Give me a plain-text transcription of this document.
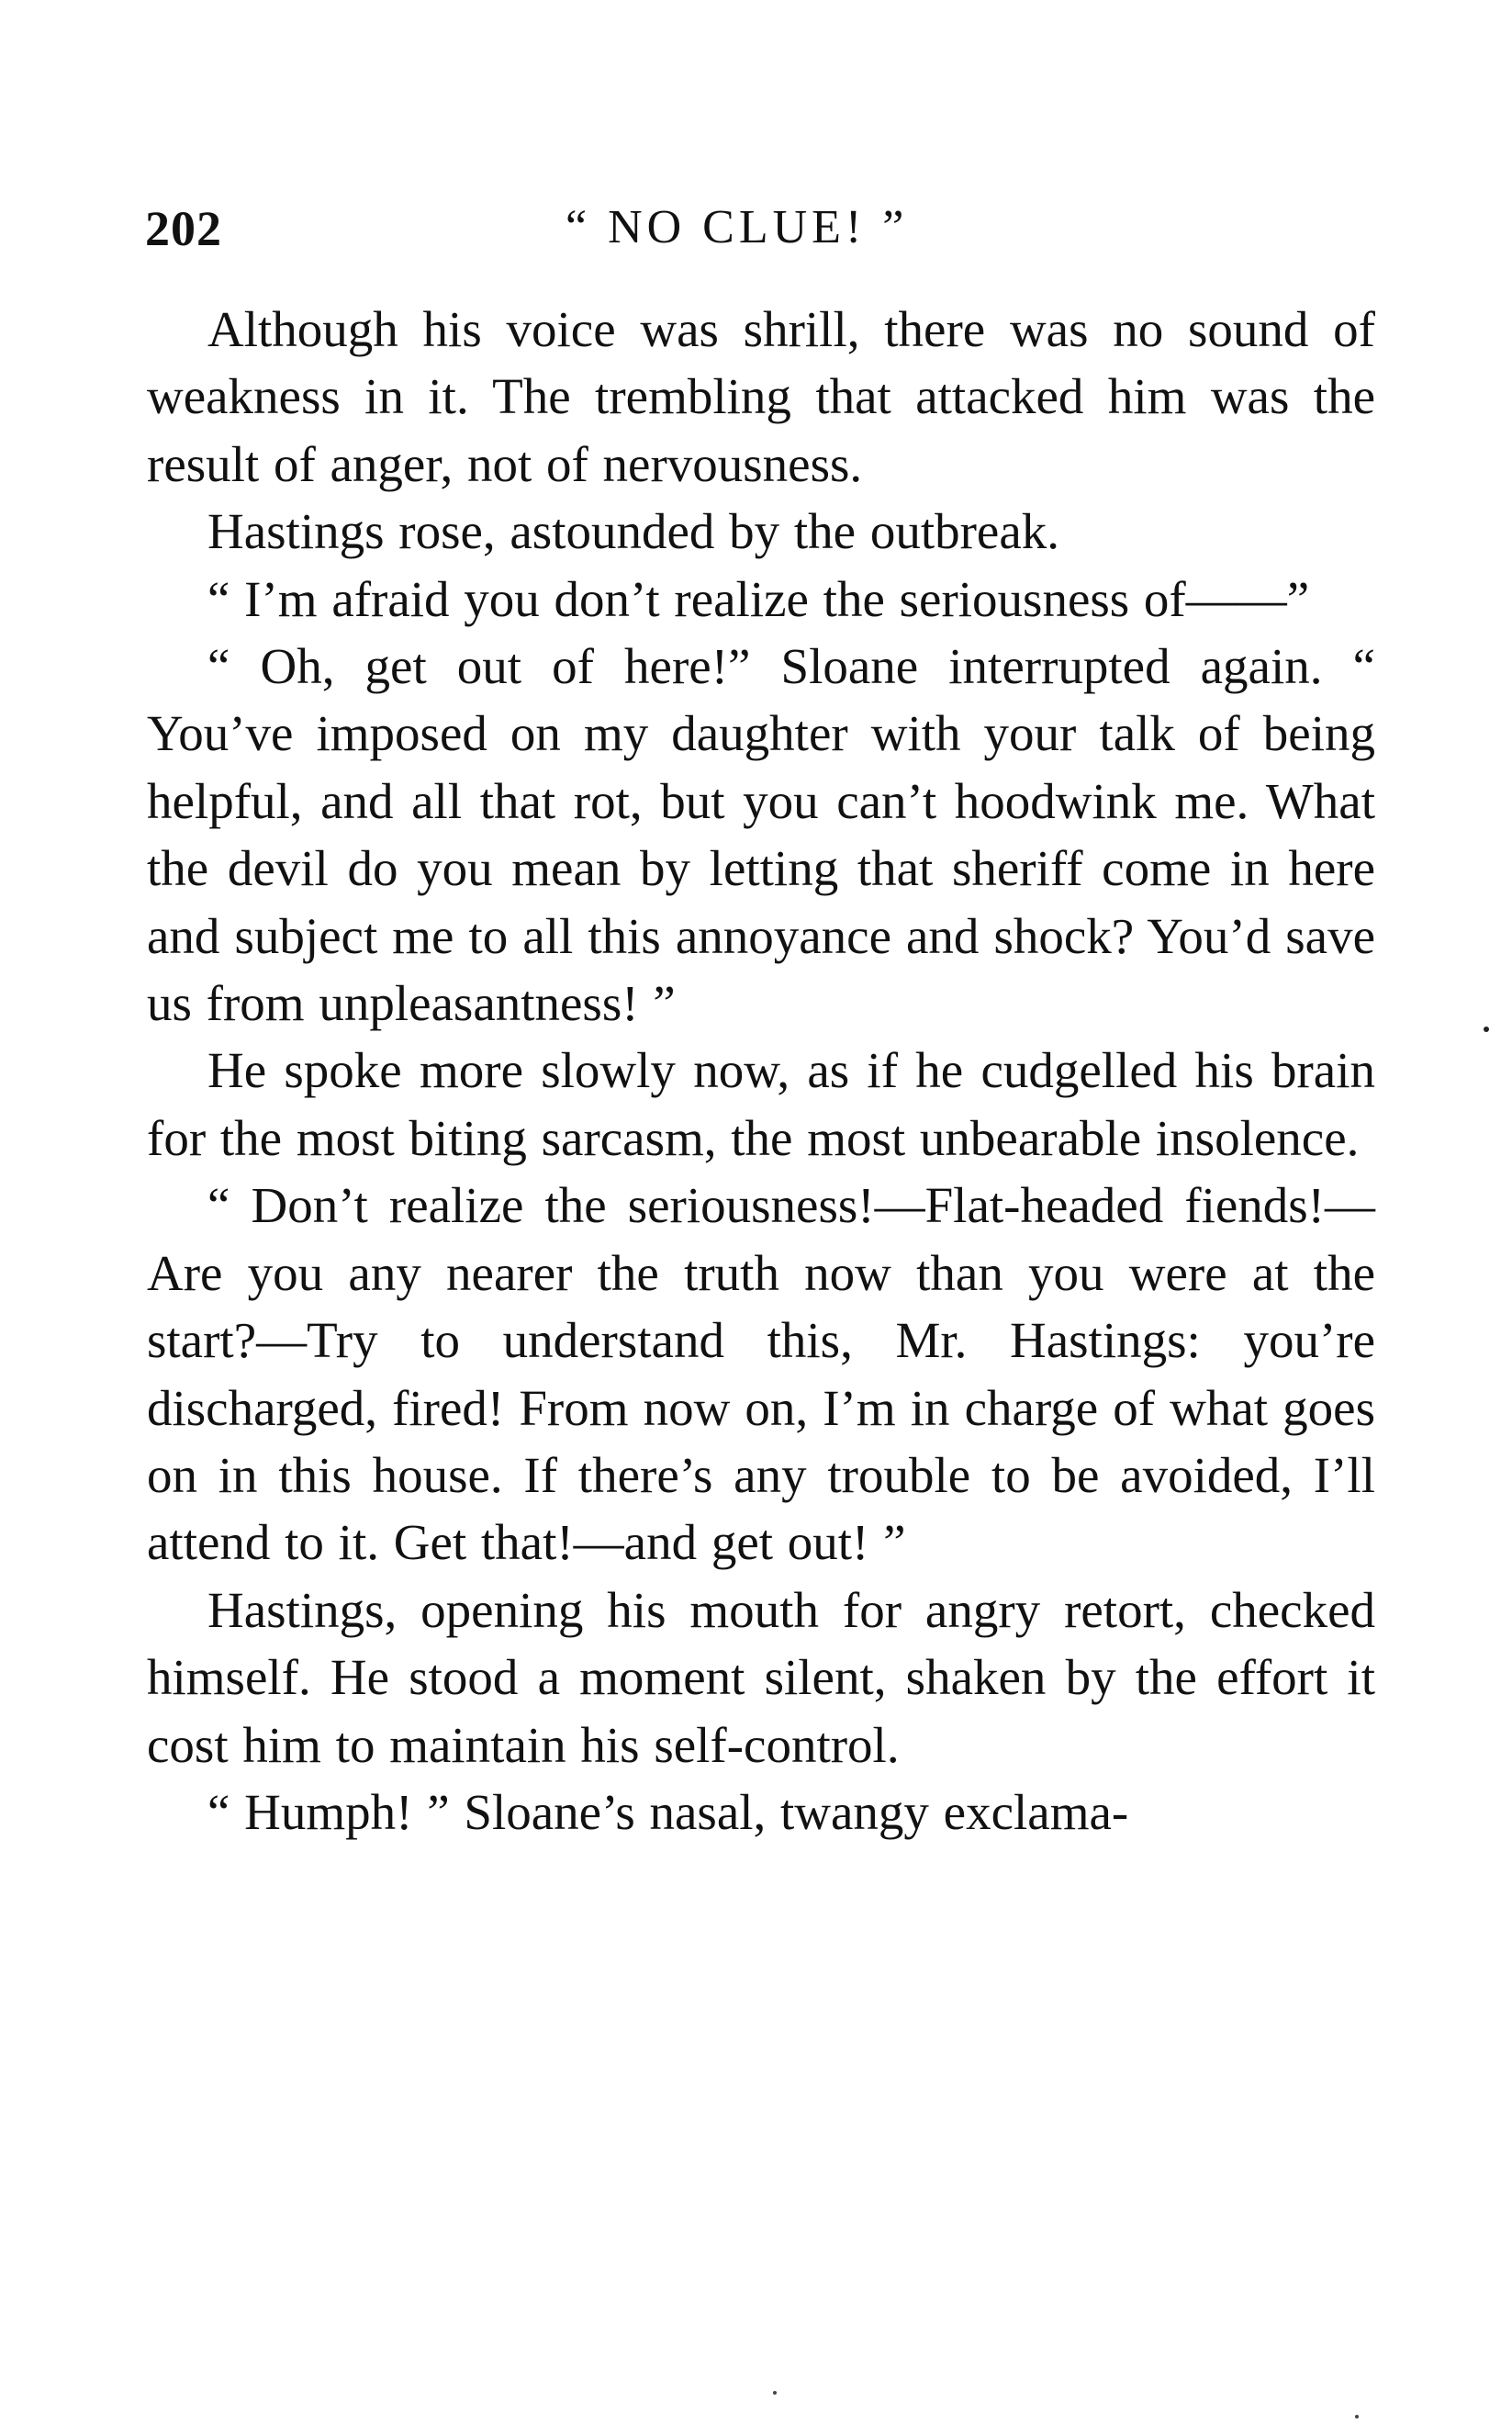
202	“ NO CLUE! ”

Although his voice was shrill, there was no sound of weakness in it. The trembling that attacked him was the result of anger, not of nervousness.

Hastings rose, astounded by the outbreak.

“ I’m afraid you don’t realize the seriousness of——”

“ Oh, get out of here!” Sloane interrupted again. “ You’ve imposed on my daughter with your talk of being helpful, and all that rot, but you can’t hoodwink me. What the devil do you mean by letting that sheriff come in here and subject me to all this annoyance and shock? You’d save us from unpleasantness! ”

He spoke more slowly now, as if he cudgelled his brain for the most biting sarcasm, the most unbearable insolence.

“ Don’t realize the seriousness!—Flat-headed fiends!—Are you any nearer the truth now than you were at the start?—Try to understand this, Mr. Hastings: you’re discharged, fired! From now on, I’m in charge of what goes on in this house. If there’s any trouble to be avoided, I’ll attend to it. Get that!—and get out! ”

Hastings, opening his mouth for angry retort, checked himself. He stood a moment silent, shaken by the effort it cost him to maintain his self-control.

“ Humph! ” Sloane’s nasal, twangy exclama-
